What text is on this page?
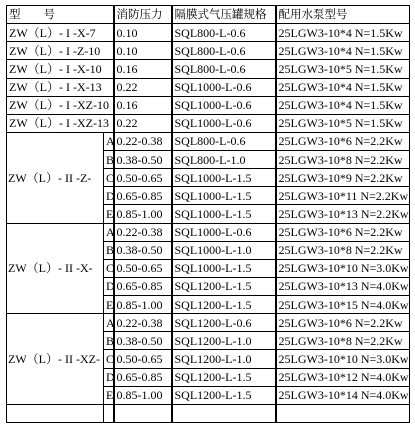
型　　号		消防压力	隔膜式气压罐规格	配用水泵型号
ZW（L）- I -X-7		0.10	SQL800-L-0.6	25LGW3-10*4 N=1.5Kw
ZW（L）- I -Z-10		0.10	SQL800-L-0.6	25LGW3-10*4 N=1.5Kw
ZW（L）- I -X-10		0.16	SQL800-L-0.6	25LGW3-10*5 N=1.5Kw
ZW（L）- I -X-13		0.22	SQL1000-L-0.6	25LGW3-10*4 N=1.5Kw
ZW（L）- I -XZ-10		0.16	SQL1000-L-0.6	25LGW3-10*4 N=1.5Kw
ZW（L）- I -XZ-13		0.22	SQL1000-L-0.6	25LGW3-10*5 N=1.5Kw
ZW（L）- II -Z-	A	0.22-0.38	SQL800-L-0.6	25LGW3-10*6 N=2.2Kw
	B	0.38-0.50	SQL800-L-1.0	25LGW3-10*8 N=2.2Kw
	C	0.50-0.65	SQL1000-L-1.5	25LGW3-10*9 N=2.2Kw
	D	0.65-0.85	SQL1000-L-1.5	25LGW3-10*11 N=2.2Kw
	E	0.85-1.00	SQL1000-L-1.5	25LGW3-10*13 N=2.2Kw
ZW（L）- II -X-	A	0.22-0.38	SQL1000-L-0.6	25LGW3-10*6 N=2.2Kw
	B	0.38-0.50	SQL1000-L-1.0	25LGW3-10*8 N=2.2Kw
	C	0.50-0.65	SQL1000-L-1.5	25LGW3-10*10 N=3.0Kw
	D	0.65-0.85	SQL1200-L-1.5	25LGW3-10*13 N=4.0Kw
	E	0.85-1.00	SQL1200-L-1.5	25LGW3-10*15 N=4.0Kw
ZW（L）- II -XZ-	A	0.22-0.38	SQL1200-L-0.6	25LGW3-10*6 N=2.2Kw
	B	0.38-0.50	SQL1200-L-1.0	25LGW3-10*8 N=2.2Kw
	C	0.50-0.65	SQL1200-L-1.0	25LGW3-10*10 N=3.0Kw
	D	0.65-0.85	SQL1200-L-1.5	25LGW3-10*12 N=4.0Kw
	E	0.85-1.00	SQL1200-L-1.5	25LGW3-10*14 N=4.0Kw
